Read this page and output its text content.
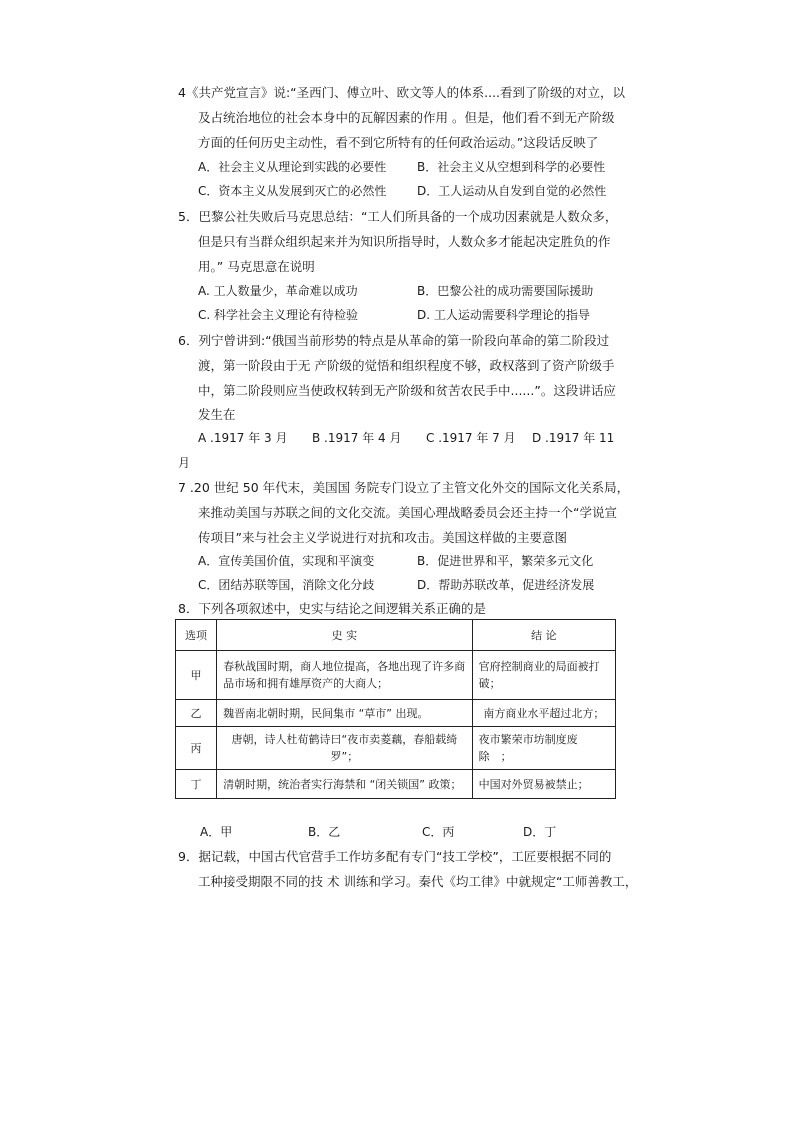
4《共产党宣言》说:“圣西门、傅立叶、欧文等人的体系....看到了阶级的对立，以
及占统治地位的社会本身中的瓦解因素的作用 。但是，他们看不到无产阶级
方面的任何历史主动性，看不到它所特有的任何政治运动。”这段话反映了
A．社会主义从理论到实践的必要性	B．社会主义从空想到科学的必要性
C．资本主义从发展到灭亡的必然性	D．工人运动从自发到自觉的必然性
5．巴黎公社失败后马克思总结：“工人们所具备的一个成功因素就是人数众多，
但是只有当群众组织起来并为知识所指导时，人数众多才能起决定胜负的作
用。” 马克思意在说明
A. 工人数量少，革命难以成功	B．巴黎公社的成功需要国际援助
C. 科学社会主义理论有待检验	D. 工人运动需要科学理论的指导
6．列宁曾讲到:“俄国当前形势的特点是从革命的第一阶段向革命的第二阶段过
渡，第一阶段由于无 产阶级的觉悟和组织程度不够，政权落到了资产阶级手
中，第二阶段则应当使政权转到无产阶级和贫苦农民手中......”。这段讲话应
发生在
A .1917 年 3 月 B .1917 年 4 月 C .1917 年 7 月 D .1917 年 11
月
7 .20 世纪 50 年代末，美国国 务院专门设立了主管文化外交的国际文化关系局，
来推动美国与苏联之间的文化交流。美国心理战略委员会还主持一个“学说宣
传项目”来与社会主义学说进行对抗和攻击。美国这样做的主要意图
A．宣传美国价值，实现和平演变	B．促进世界和平，繁荣多元文化
C．团结苏联等国，消除文化分歧	D．帮助苏联改革，促进经济发展
8．下列各项叙述中，史实与结论之间逻辑关系正确的是
选项	史 实	结 论
甲	春秋战国时期，商人地位提高，各地出现了许多商品市场和拥有雄厚资产的大商人；	官府控制商业的局面被打破；
乙	魏晋南北朝时期，民间集市 “草市” 出现。	南方商业水平超过北方；
丙	唐朝，诗人杜荀鹤诗曰“夜市卖菱藕，春船载绮罗”；	夜市繁荣市坊制度废除　；
丁	清朝时期，统治者实行海禁和 “闭关锁国” 政策；	中国对外贸易被禁止；
A．甲	B．乙	C．丙	D．丁
9．据记载，中国古代官营手工作坊多配有专门“技工学校”，工匠要根据不同的
工种接受期限不同的技 术 训练和学习。秦代《均工律》中就规定“工师善教工，
